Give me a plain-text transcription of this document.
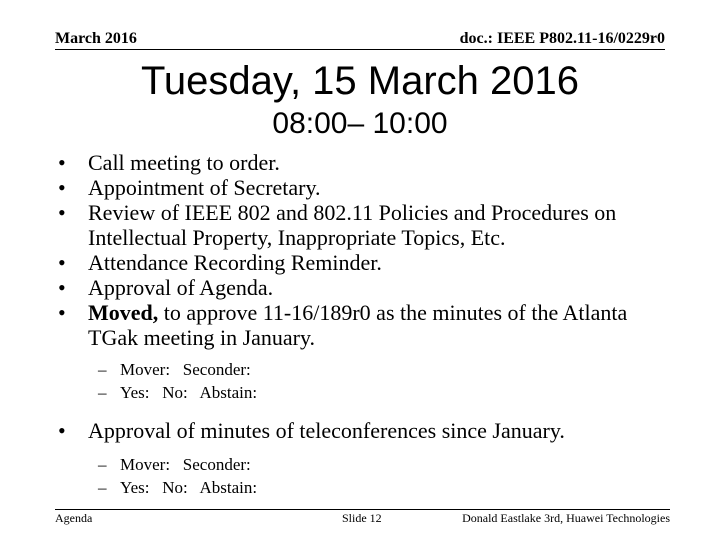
March 2016	doc.: IEEE P802.11-16/0229r0
Tuesday, 15 March 2016
08:00– 10:00
• Call meeting to order.
• Appointment of Secretary.
• Review of IEEE 802 and 802.11 Policies and Procedures on Intellectual Property, Inappropriate Topics, Etc.
• Attendance Recording Reminder.
• Approval of Agenda.
• Moved, to approve 11-16/189r0 as the minutes of the Atlanta TGak meeting in January.
– Mover:   Seconder:
– Yes:   No:   Abstain:
• Approval of minutes of teleconferences since January.
– Mover:   Seconder:
– Yes:   No:   Abstain:
Agenda	Slide 12	Donald Eastlake 3rd, Huawei Technologies
